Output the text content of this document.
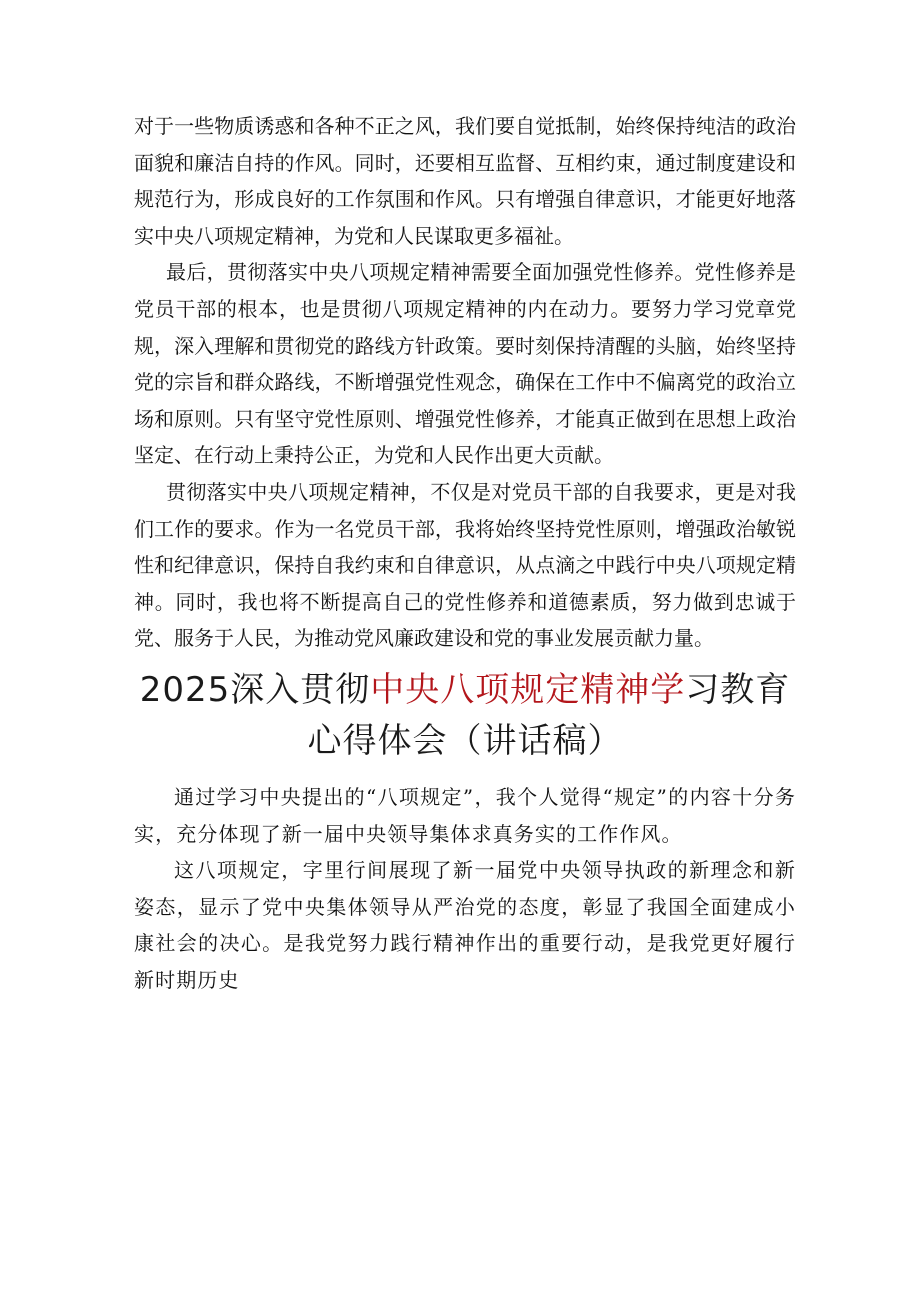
对于一些物质诱惑和各种不正之风，我们要自觉抵制，始终保持纯洁的政治面貌和廉洁自持的作风。同时，还要相互监督、互相约束，通过制度建设和规范行为，形成良好的工作氛围和作风。只有增强自律意识，才能更好地落实中央八项规定精神，为党和人民谋取更多福祉。

最后，贯彻落实中央八项规定精神需要全面加强党性修养。党性修养是党员干部的根本，也是贯彻八项规定精神的内在动力。要努力学习党章党规，深入理解和贯彻党的路线方针政策。要时刻保持清醒的头脑，始终坚持党的宗旨和群众路线，不断增强党性观念，确保在工作中不偏离党的政治立场和原则。只有坚守党性原则、增强党性修养，才能真正做到在思想上政治坚定、在行动上秉持公正，为党和人民作出更大贡献。

贯彻落实中央八项规定精神，不仅是对党员干部的自我要求，更是对我们工作的要求。作为一名党员干部，我将始终坚持党性原则，增强政治敏锐性和纪律意识，保持自我约束和自律意识，从点滴之中践行中央八项规定精神。同时，我也将不断提高自己的党性修养和道德素质，努力做到忠诚于党、服务于人民，为推动党风廉政建设和党的事业发展贡献力量。

2025深入贯彻中央八项规定精神学习教育
心得体会（讲话稿）

通过学习中央提出的“八项规定”，我个人觉得“规定”的内容十分务实，充分体现了新一届中央领导集体求真务实的工作作风。

这八项规定，字里行间展现了新一届党中央领导执政的新理念和新姿态，显示了党中央集体领导从严治党的态度，彰显了我国全面建成小康社会的决心。是我党努力践行精神作出的重要行动，是我党更好履行新时期历史
